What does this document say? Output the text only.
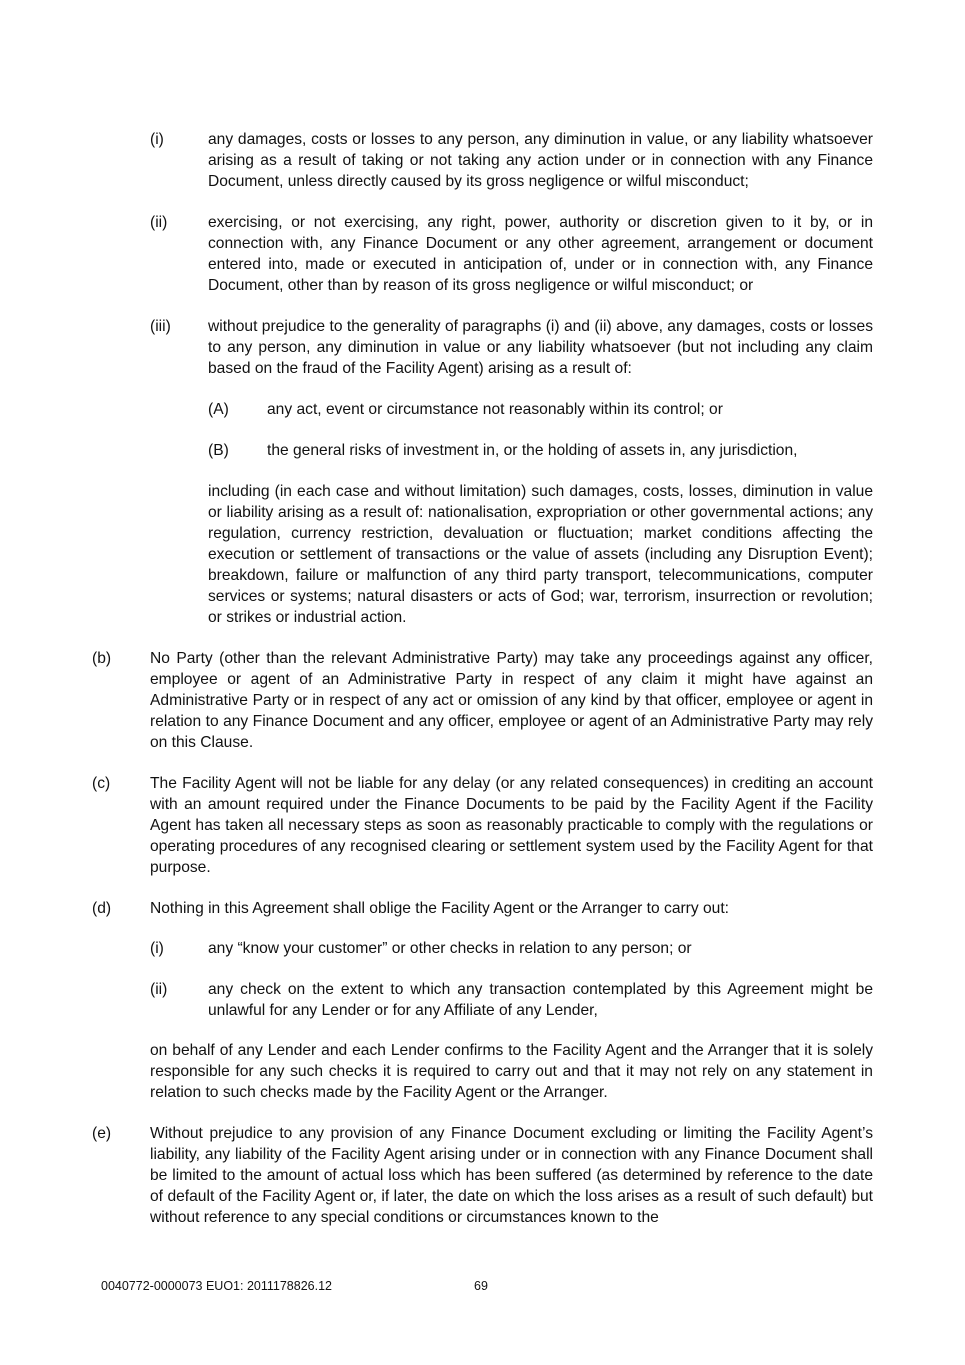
(i)	any damages, costs or losses to any person, any diminution in value, or any liability whatsoever arising as a result of taking or not taking any action under or in connection with any Finance Document, unless directly caused by its gross negligence or wilful misconduct;
(ii)	exercising, or not exercising, any right, power, authority or discretion given to it by, or in connection with, any Finance Document or any other agreement, arrangement or document entered into, made or executed in anticipation of, under or in connection with, any Finance Document, other than by reason of its gross negligence or wilful misconduct; or
(iii) without prejudice to the generality of paragraphs (i) and (ii) above, any damages, costs or losses to any person, any diminution in value or any liability whatsoever (but not including any claim based on the fraud of the Facility Agent) arising as a result of:
(A) any act, event or circumstance not reasonably within its control; or
(B) the general risks of investment in, or the holding of assets in, any jurisdiction,
including (in each case and without limitation) such damages, costs, losses, diminution in value or liability arising as a result of: nationalisation, expropriation or other governmental actions; any regulation, currency restriction, devaluation or fluctuation; market conditions affecting the execution or settlement of transactions or the value of assets (including any Disruption Event); breakdown, failure or malfunction of any third party transport, telecommunications, computer services or systems; natural disasters or acts of God; war, terrorism, insurrection or revolution; or strikes or industrial action.
(b) No Party (other than the relevant Administrative Party) may take any proceedings against any officer, employee or agent of an Administrative Party in respect of any claim it might have against an Administrative Party or in respect of any act or omission of any kind by that officer, employee or agent in relation to any Finance Document and any officer, employee or agent of an Administrative Party may rely on this Clause.
(c)	The Facility Agent will not be liable for any delay (or any related consequences) in crediting an account with an amount required under the Finance Documents to be paid by the Facility Agent if the Facility Agent has taken all necessary steps as soon as reasonably practicable to comply with the regulations or operating procedures of any recognised clearing or settlement system used by the Facility Agent for that purpose.
(d) Nothing in this Agreement shall oblige the Facility Agent or the Arranger to carry out:
(i)	any “know your customer” or other checks in relation to any person; or
(ii)	any check on the extent to which any transaction contemplated by this Agreement might be unlawful for any Lender or for any Affiliate of any Lender,
on behalf of any Lender and each Lender confirms to the Facility Agent and the Arranger that it is solely responsible for any such checks it is required to carry out and that it may not rely on any statement in relation to such checks made by the Facility Agent or the Arranger.
(e) Without prejudice to any provision of any Finance Document excluding or limiting the Facility Agent’s liability, any liability of the Facility Agent arising under or in connection with any Finance Document shall be limited to the amount of actual loss which has been suffered (as determined by reference to the date of default of the Facility Agent or, if later, the date on which the loss arises as a result of such default) but without reference to any special conditions or circumstances known to the
0040772-0000073 EUO1: 2011178826.12	69
